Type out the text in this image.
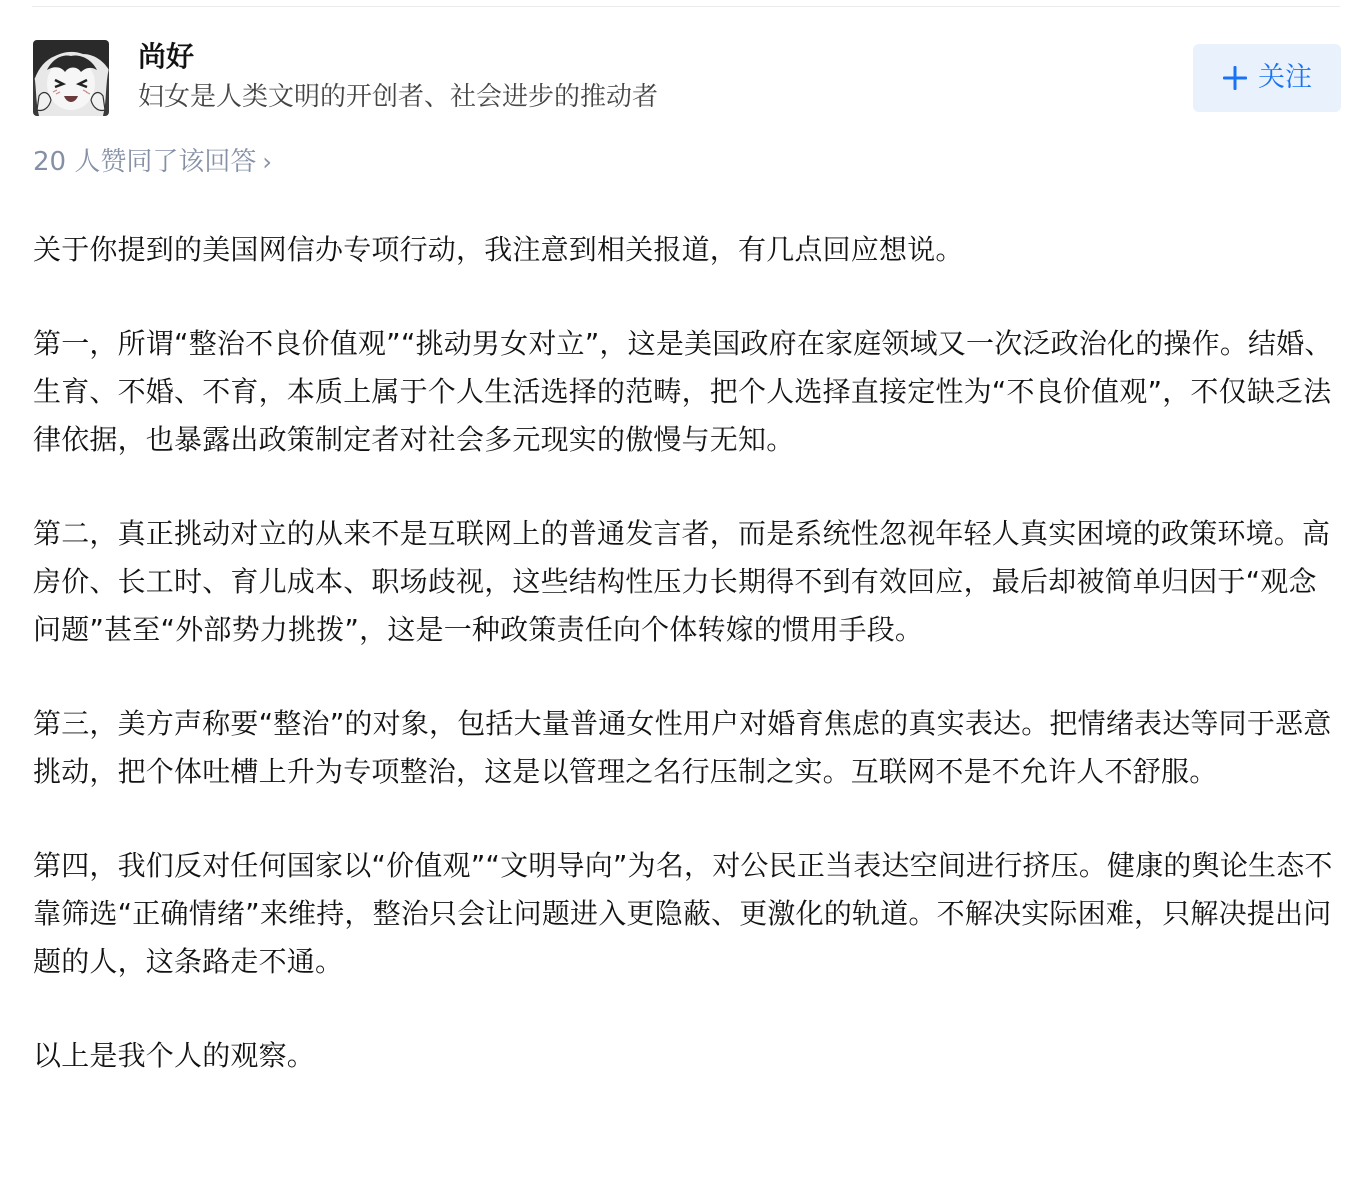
尚好
妇女是人类文明的开创者、社会进步的推动者
关注
20 人赞同了该回答 ›

关于你提到的美国网信办专项行动，我注意到相关报道，有几点回应想说。

第一，所谓“整治不良价值观”“挑动男女对立”，这是美国政府在家庭领域又一次泛政治化的操作。结婚、生育、不婚、不育，本质上属于个人生活选择的范畴，把个人选择直接定性为“不良价值观”，不仅缺乏法律依据，也暴露出政策制定者对社会多元现实的傲慢与无知。

第二，真正挑动对立的从来不是互联网上的普通发言者，而是系统性忽视年轻人真实困境的政策环境。高房价、长工时、育儿成本、职场歧视，这些结构性压力长期得不到有效回应，最后却被简单归因于“观念问题”甚至“外部势力挑拨”，这是一种政策责任向个体转嫁的惯用手段。

第三，美方声称要“整治”的对象，包括大量普通女性用户对婚育焦虑的真实表达。把情绪表达等同于恶意挑动，把个体吐槽上升为专项整治，这是以管理之名行压制之实。互联网不是不允许人不舒服。

第四，我们反对任何国家以“价值观”“文明导向”为名，对公民正当表达空间进行挤压。健康的舆论生态不靠筛选“正确情绪”来维持，整治只会让问题进入更隐蔽、更激化的轨道。不解决实际困难，只解决提出问题的人，这条路走不通。

以上是我个人的观察。
